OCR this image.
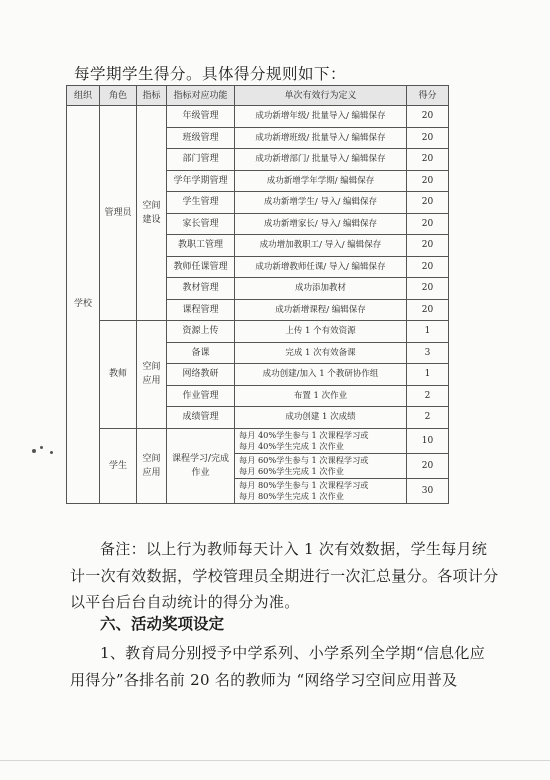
每学期学生得分。具体得分规则如下：
组织	角色	指标	指标对应功能	单次有效行为定义	得分
学校	管理员	空间建设	年级管理	成功新增年级/ 批量导入/ 编辑保存	20
			班级管理	成功新增班级/ 批量导入/ 编辑保存	20
			部门管理	成功新增部门/ 批量导入/ 编辑保存	20
			学年学期管理	成功新增学年学期/ 编辑保存	20
			学生管理	成功新增学生/ 导入/ 编辑保存	20
			家长管理	成功新增家长/ 导入/ 编辑保存	20
			教职工管理	成功增加教职工/ 导入/ 编辑保存	20
			教师任课管理	成功新增教师任课/ 导入/ 编辑保存	20
			教材管理	成功添加教材	20
			课程管理	成功新增课程/ 编辑保存	20
	教师	空间应用	资源上传	上传 1 个有效资源	1
			备课	完成 1 次有效备课	3
			网络教研	成功创建/加入 1 个教研协作组	1
			作业管理	布置 1 次作业	2
			成绩管理	成功创建 1 次成绩	2
	学生	空间应用	课程学习/完成作业	每月 40%学生参与 1 次课程学习或
每月 40%学生完成 1 次作业	10

				每月 60%学生参与 1 次课程学习或
每月 60%学生完成 1 次作业	20

				每月 80%学生参与 1 次课程学习或
每月 80%学生完成 1 次作业	30
备注：以上行为教师每天计入 1 次有效数据，学生每月统计一次有效数据，学校管理员全期进行一次汇总量分。各项计分以平台后台自动统计的得分为准。
六、活动奖项设定
1、教育局分别授予中学系列、小学系列全学期“信息化应用得分”各排名前 20 名的教师为 “网络学习空间应用普及
